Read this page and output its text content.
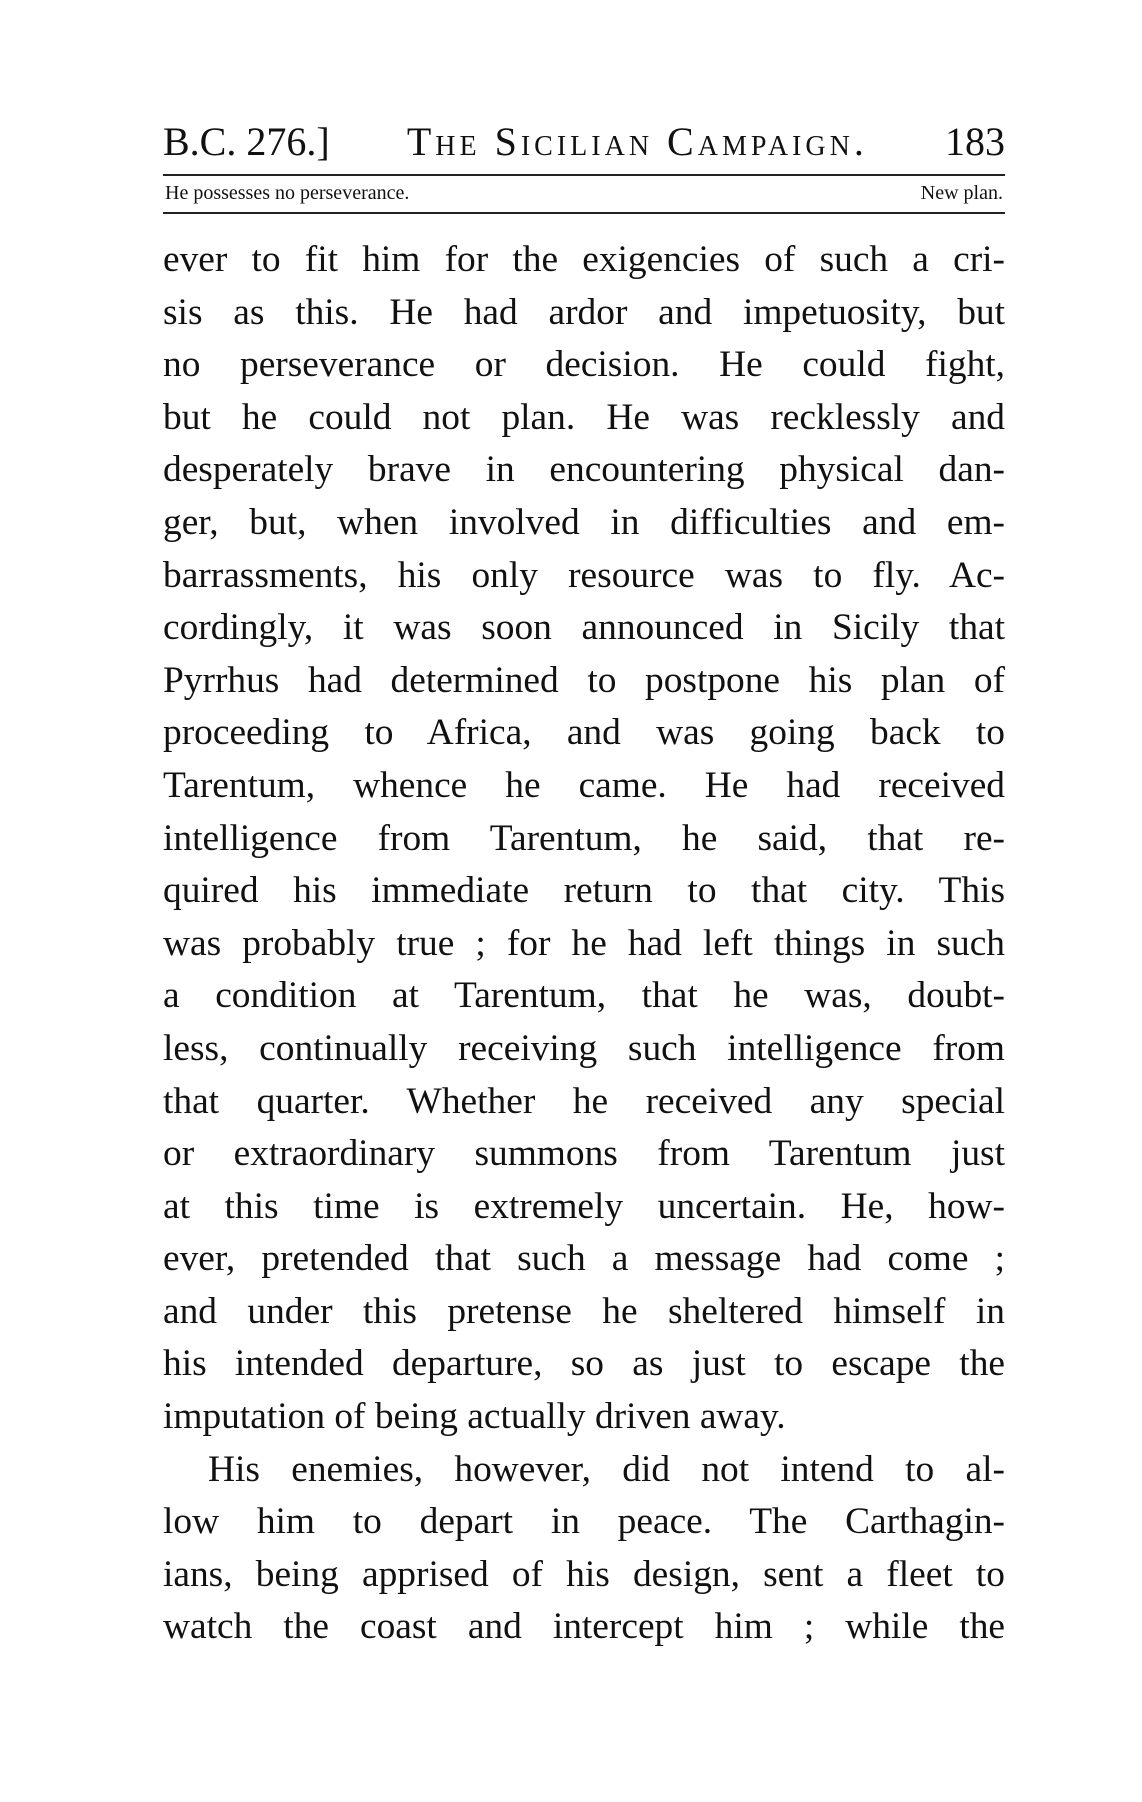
B.C. 276.] The Sicilian Campaign. 183
He possesses no perseverance.	New plan.
ever to fit him for the exigencies of such a cri-
sis as this. He had ardor and impetuosity, but
no perseverance or decision. He could fight,
but he could not plan. He was recklessly and
desperately brave in encountering physical dan-
ger, but, when involved in difficulties and em-
barrassments, his only resource was to fly. Ac-
cordingly, it was soon announced in Sicily that
Pyrrhus had determined to postpone his plan of
proceeding to Africa, and was going back to
Tarentum, whence he came. He had received
intelligence from Tarentum, he said, that re-
quired his immediate return to that city. This
was probably true ; for he had left things in such
a condition at Tarentum, that he was, doubt-
less, continually receiving such intelligence from
that quarter. Whether he received any special
or extraordinary summons from Tarentum just
at this time is extremely uncertain. He, how-
ever, pretended that such a message had come ;
and under this pretense he sheltered himself in
his intended departure, so as just to escape the
imputation of being actually driven away.
His enemies, however, did not intend to al-
low him to depart in peace. The Carthagin-
ians, being apprised of his design, sent a fleet to
watch the coast and intercept him ; while the
